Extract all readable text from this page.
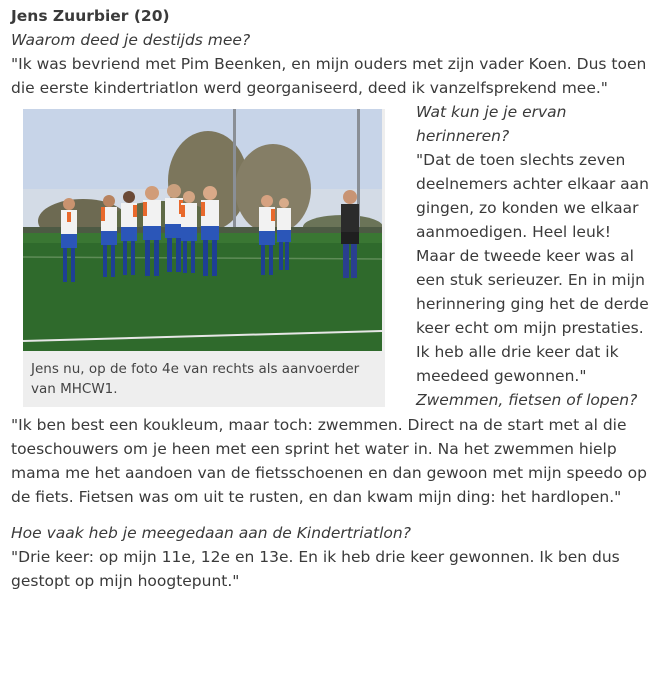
Jens Zuurbier (20)

Waarom deed je destijds mee?

"Ik was bevriend met Pim Beenken, en mijn ouders met zijn vader Koen. Dus toen die eerste kindertriatlon werd georganiseerd, deed ik vanzelfsprekend mee."

Jens nu, op de foto 4e van rechts als aanvoerder van MHCW1.

Wat kun je je ervan herinneren?

"Dat de toen slechts zeven deelnemers achter elkaar aan gingen, zo konden we elkaar aanmoedigen. Heel leuk! Maar de tweede keer was al een stuk serieuzer. En in mijn herinnering ging het de derde keer echt om mijn prestaties. Ik heb alle drie keer dat ik meedeed gewonnen."

Zwemmen, fietsen of lopen?

"Ik ben best een koukleum, maar toch: zwemmen. Direct na de start met al die toeschouwers om je heen met een sprint het water in. Na het zwemmen hielp mama me het aandoen van de fietsschoenen en dan gewoon met mijn speedo op de fiets. Fietsen was om uit te rusten, en dan kwam mijn ding: het hardlopen."

Hoe vaak heb je meegedaan aan de Kindertriatlon?

"Drie keer: op mijn 11e, 12e en 13e. En ik heb drie keer gewonnen. Ik ben dus gestopt op mijn hoogtepunt."
